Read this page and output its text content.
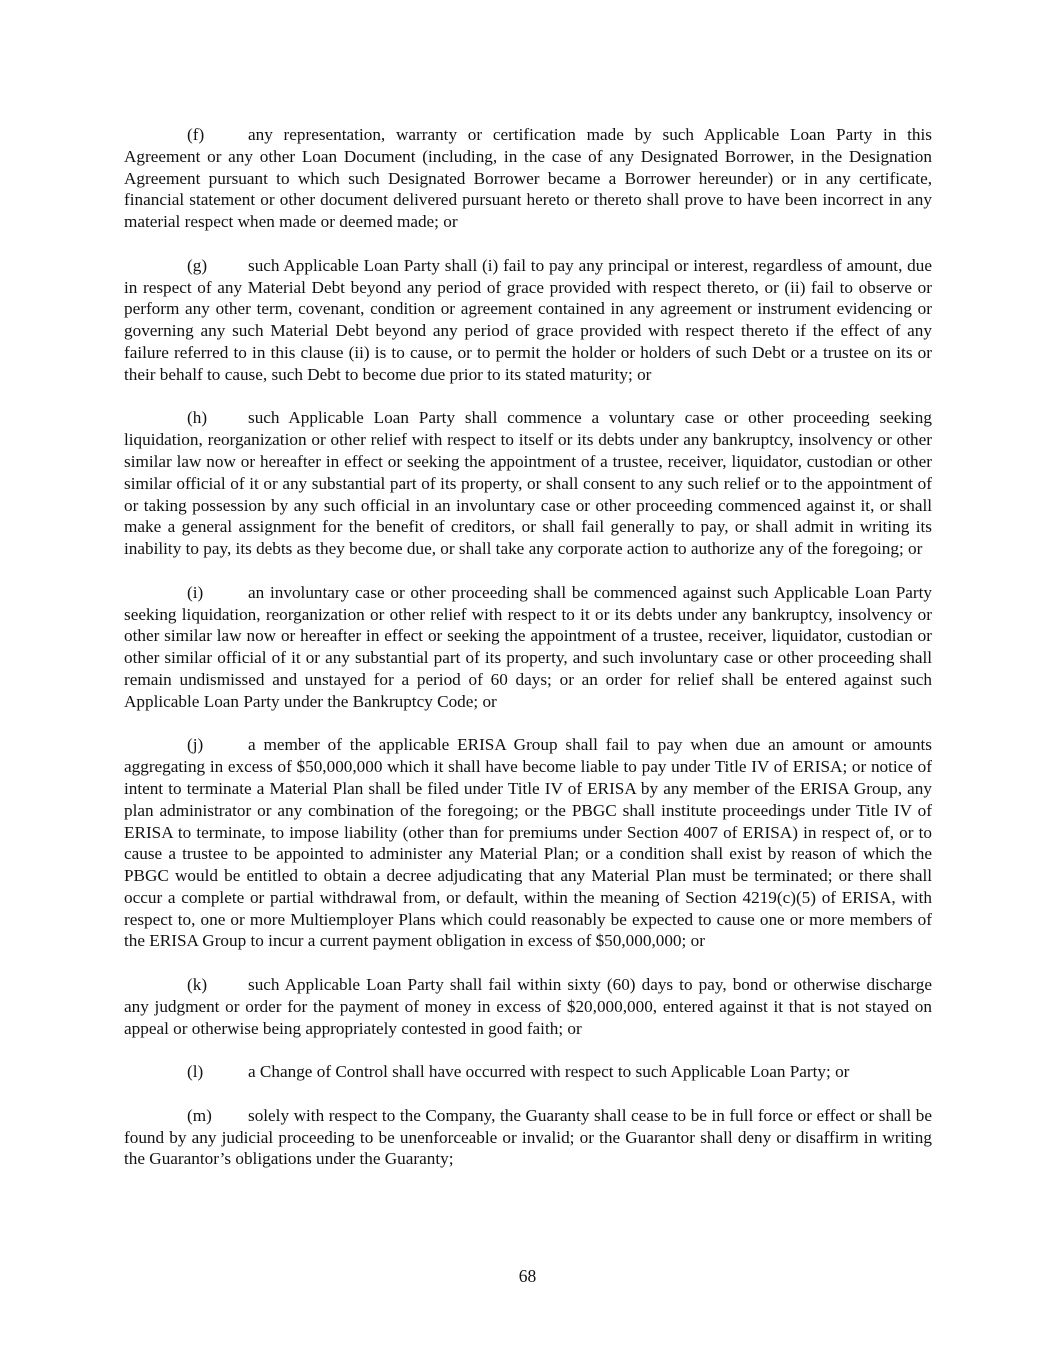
(f)	any representation, warranty or certification made by such Applicable Loan Party in this Agreement or any other Loan Document (including, in the case of any Designated Borrower, in the Designation Agreement pursuant to which such Designated Borrower became a Borrower hereunder) or in any certificate, financial statement or other document delivered pursuant hereto or thereto shall prove to have been incorrect in any material respect when made or deemed made; or

(g) such Applicable Loan Party shall (i) fail to pay any principal or interest, regardless of amount, due in respect of any Material Debt beyond any period of grace provided with respect thereto, or (ii) fail to observe or perform any other term, covenant, condition or agreement contained in any agreement or instrument evidencing or governing any such Material Debt beyond any period of grace provided with respect thereto if the effect of any failure referred to in this clause (ii) is to cause, or to permit the holder or holders of such Debt or a trustee on its or their behalf to cause, such Debt to become due prior to its stated maturity; or

(h) such Applicable Loan Party shall commence a voluntary case or other proceeding seeking liquidation, reorganization or other relief with respect to itself or its debts under any bankruptcy, insolvency or other similar law now or hereafter in effect or seeking the appointment of a trustee, receiver, liquidator, custodian or other similar official of it or any substantial part of its property, or shall consent to any such relief or to the appointment of or taking possession by any such official in an involuntary case or other proceeding commenced against it, or shall make a general assignment for the benefit of creditors, or shall fail generally to pay, or shall admit in writing its inability to pay, its debts as they become due, or shall take any corporate action to authorize any of the foregoing; or

(i)	an involuntary case or other proceeding shall be commenced against such Applicable Loan Party seeking liquidation, reorganization or other relief with respect to it or its debts under any bankruptcy, insolvency or other similar law now or hereafter in effect or seeking the appointment of a trustee, receiver, liquidator, custodian or other similar official of it or any substantial part of its property, and such involuntary case or other proceeding shall remain undismissed and unstayed for a period of 60 days; or an order for relief shall be entered against such Applicable Loan Party under the Bankruptcy Code; or

(j)	a member of the applicable ERISA Group shall fail to pay when due an amount or amounts aggregating in excess of $50,000,000 which it shall have become liable to pay under Title IV of ERISA; or notice of intent to terminate a Material Plan shall be filed under Title IV of ERISA by any member of the ERISA Group, any plan administrator or any combination of the foregoing; or the PBGC shall institute proceedings under Title IV of ERISA to terminate, to impose liability (other than for premiums under Section 4007 of ERISA) in respect of, or to cause a trustee to be appointed to administer any Material Plan; or a condition shall exist by reason of which the PBGC would be entitled to obtain a decree adjudicating that any Material Plan must be terminated; or there shall occur a complete or partial withdrawal from, or default, within the meaning of Section 4219(c)(5) of ERISA, with respect to, one or more Multiemployer Plans which could reasonably be expected to cause one or more members of the ERISA Group to incur a current payment obligation in excess of $50,000,000; or

(k) such Applicable Loan Party shall fail within sixty (60) days to pay, bond or otherwise discharge any judgment or order for the payment of money in excess of $20,000,000, entered against it that is not stayed on appeal or otherwise being appropriately contested in good faith; or

(l)	a Change of Control shall have occurred with respect to such Applicable Loan Party; or

(m) solely with respect to the Company, the Guaranty shall cease to be in full force or effect or shall be found by any judicial proceeding to be unenforceable or invalid; or the Guarantor shall deny or disaffirm in writing the Guarantor’s obligations under the Guaranty;

68
